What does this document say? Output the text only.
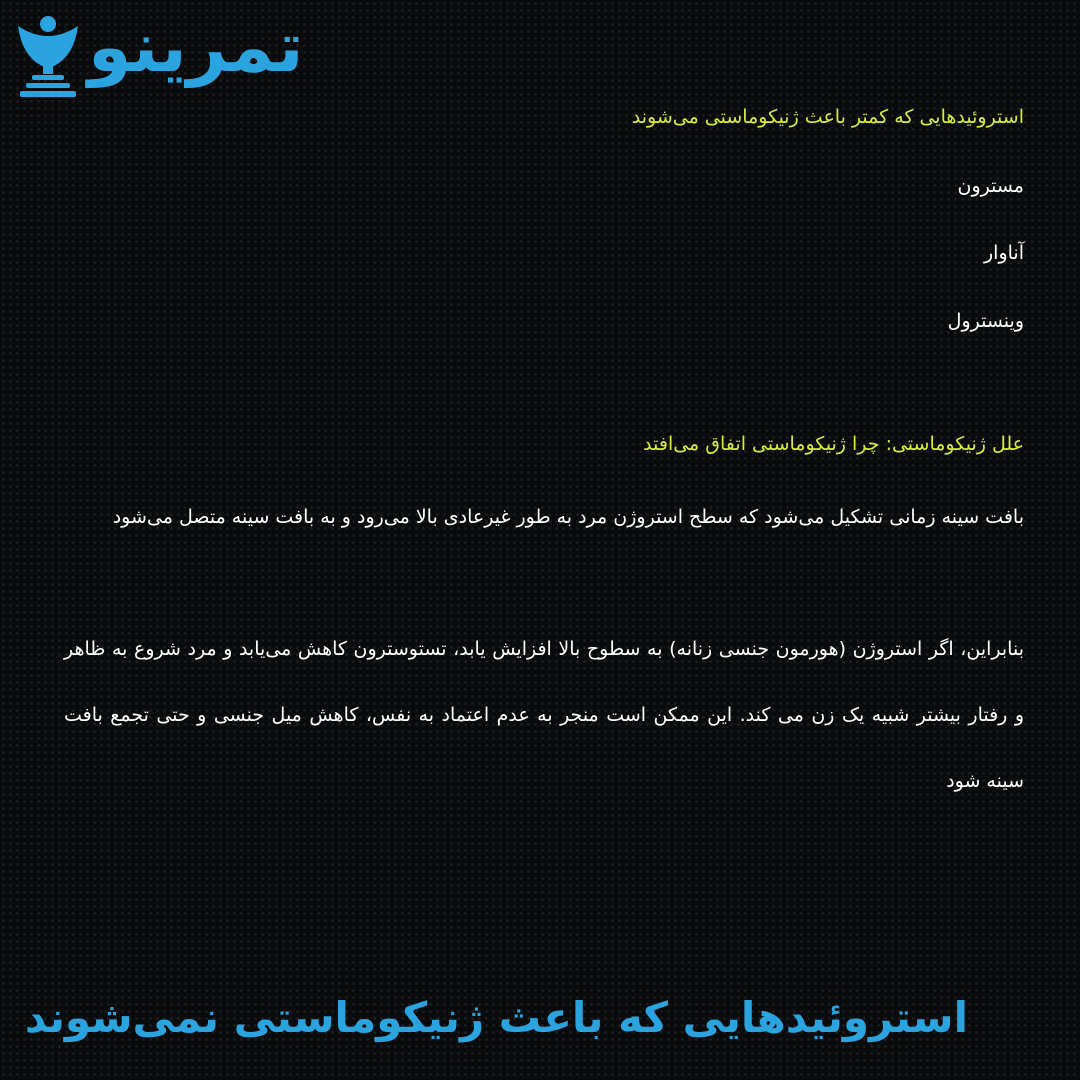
تمرینو
استروئیدهایی که کمتر باعث ژنیکوماستی می‌شوند
مسترون
آناوار
وینسترول
علل ژنیکوماستی: چرا ژنیکوماستی اتفاق می‌افتد
بافت سینه زمانی تشکیل می‌شود که سطح استروژن مرد به طور غیرعادی بالا می‌رود و به بافت سینه متصل می‌شود
بنابراین، اگر استروژن (هورمون جنسی زنانه) به سطوح بالا افزایش یابد، تستوسترون کاهش می‌یابد و مرد شروع به ظاهر و رفتار بیشتر شبیه یک زن می کند. این ممکن است منجر به عدم اعتماد به نفس، کاهش میل جنسی و حتی تجمع بافت سینه شود
استروئیدهایی که باعث ژنیکوماستی نمی‌شوند
